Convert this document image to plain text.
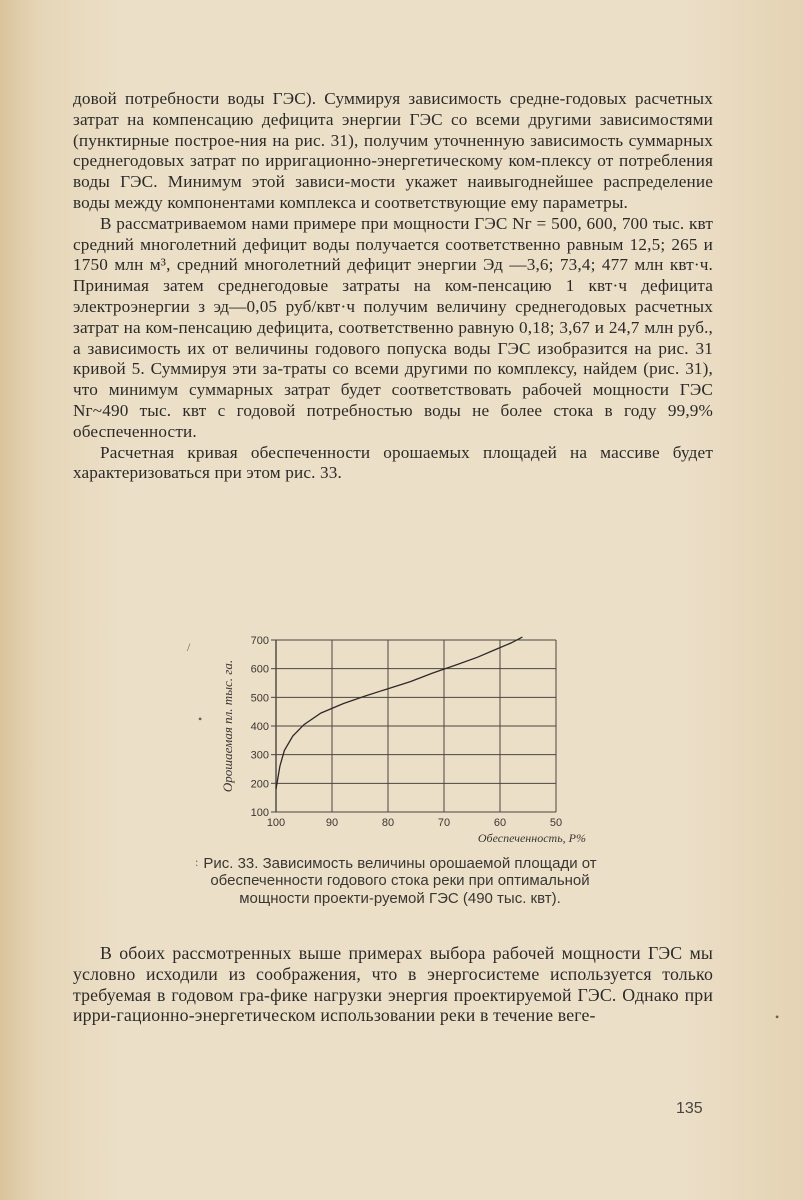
довой потребности воды ГЭС). Суммируя зависимость средне-годовых расчетных затрат на компенсацию дефицита энергии ГЭС со всеми другими зависимостями (пунктирные построе-ния на рис. 31), получим уточненную зависимость суммарных среднегодовых затрат по ирригационно-энергетическому ком-плексу от потребления воды ГЭС. Минимум этой зависи-мости укажет наивыгоднейшее распределение воды между компонентами комплекса и соответствующие ему параметры.

В рассматриваемом нами примере при мощности ГЭС Nг = 500, 600, 700 тыс. квт средний многолетний дефицит воды получается соответственно равным 12,5; 265 и 1750 млн м³, средний многолетний дефицит энергии Эд —3,6; 73,4; 477 млн квт·ч. Принимая затем среднегодовые затраты на ком-пенсацию 1 квт·ч дефицита электроэнергии з эд—0,05 руб/квт·ч получим величину среднегодовых расчетных затрат на ком-пенсацию дефицита, соответственно равную 0,18; 3,67 и 24,7 млн руб., а зависимость их от величины годового попуска воды ГЭС изобразится на рис. 31 кривой 5. Суммируя эти за-траты со всеми другими по комплексу, найдем (рис. 31), что минимум суммарных затрат будет соответствовать рабочей мощности ГЭС Nг~490 тыс. квт с годовой потребностью воды не более стока в году 99,9% обеспеченности.

Расчетная кривая обеспеченности орошаемых площадей на массиве будет характеризоваться при этом рис. 33.

700
600
500
400
300
200
100
100	90	80	70	60	50
Орошаемая пл. тыс. га.
Обеспеченность, P%
Рис. 33. Зависимость величины орошаемой площади от обеспеченности годового стока реки при оптимальной мощности проекти-руемой ГЭС (490 тыс. квт).

В обоих рассмотренных выше примерах выбора рабочей мощности ГЭС мы условно исходили из соображения, что в энергосистеме используется только требуемая в годовом гра-фике нагрузки энергия проектируемой ГЭС. Однако при ирри-гационно-энергетическом использовании реки в течение веге-

135
/
•
:
•
